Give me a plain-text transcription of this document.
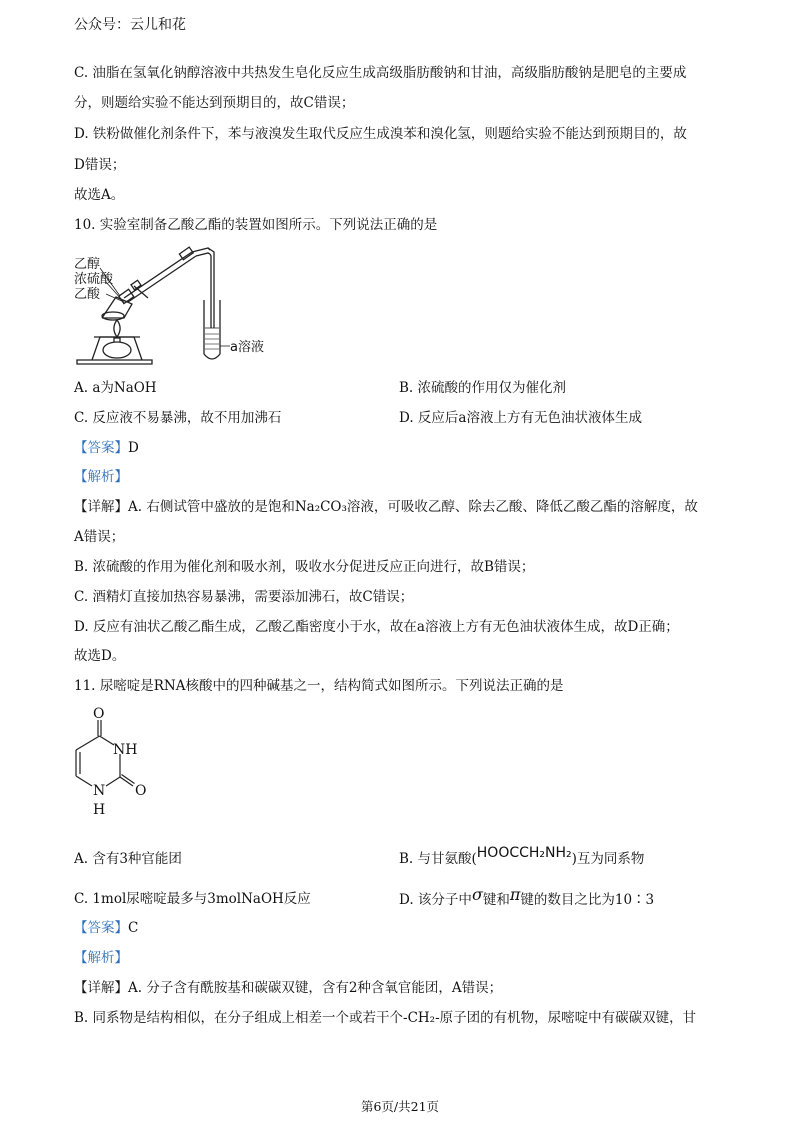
公众号：云儿和花
C. 油脂在氢氧化钠醇溶液中共热发生皂化反应生成高级脂肪酸钠和甘油，高级脂肪酸钠是肥皂的主要成
分，则题给实验不能达到预期目的，故C错误；
D. 铁粉做催化剂条件下，苯与液溴发生取代反应生成溴苯和溴化氢，则题给实验不能达到预期目的，故
D错误；
故选A。
10. 实验室制备乙酸乙酯的装置如图所示。下列说法正确的是
乙醇
浓硫酸
乙酸
a溶液
A. a为NaOH	B. 浓硫酸的作用仅为催化剂
C. 反应液不易暴沸，故不用加沸石	D. 反应后a溶液上方有无色油状液体生成
【答案】D
【解析】
【详解】A. 右侧试管中盛放的是饱和Na₂CO₃溶液，可吸收乙醇、除去乙酸、降低乙酸乙酯的溶解度，故
A错误；
B. 浓硫酸的作用为催化剂和吸水剂，吸收水分促进反应正向进行，故B错误；
C. 酒精灯直接加热容易暴沸，需要添加沸石，故C错误；
D. 反应有油状乙酸乙酯生成，乙酸乙酯密度小于水，故在a溶液上方有无色油状液体生成，故D正确；
故选D。
11. 尿嘧啶是RNA核酸中的四种碱基之一，结构简式如图所示。下列说法正确的是
O
NH
O
N
H
A. 含有3种官能团	B. 与甘氨酸(HOOCCH₂NH₂)互为同系物
C. 1mol尿嘧啶最多与3molNaOH反应	D. 该分子中σ键和π键的数目之比为10∶3
【答案】C
【解析】
【详解】A. 分子含有酰胺基和碳碳双键，含有2种含氧官能团，A错误；
B. 同系物是结构相似，在分子组成上相差一个或若干个-CH₂-原子团的有机物，尿嘧啶中有碳碳双键，甘
第6页/共21页
